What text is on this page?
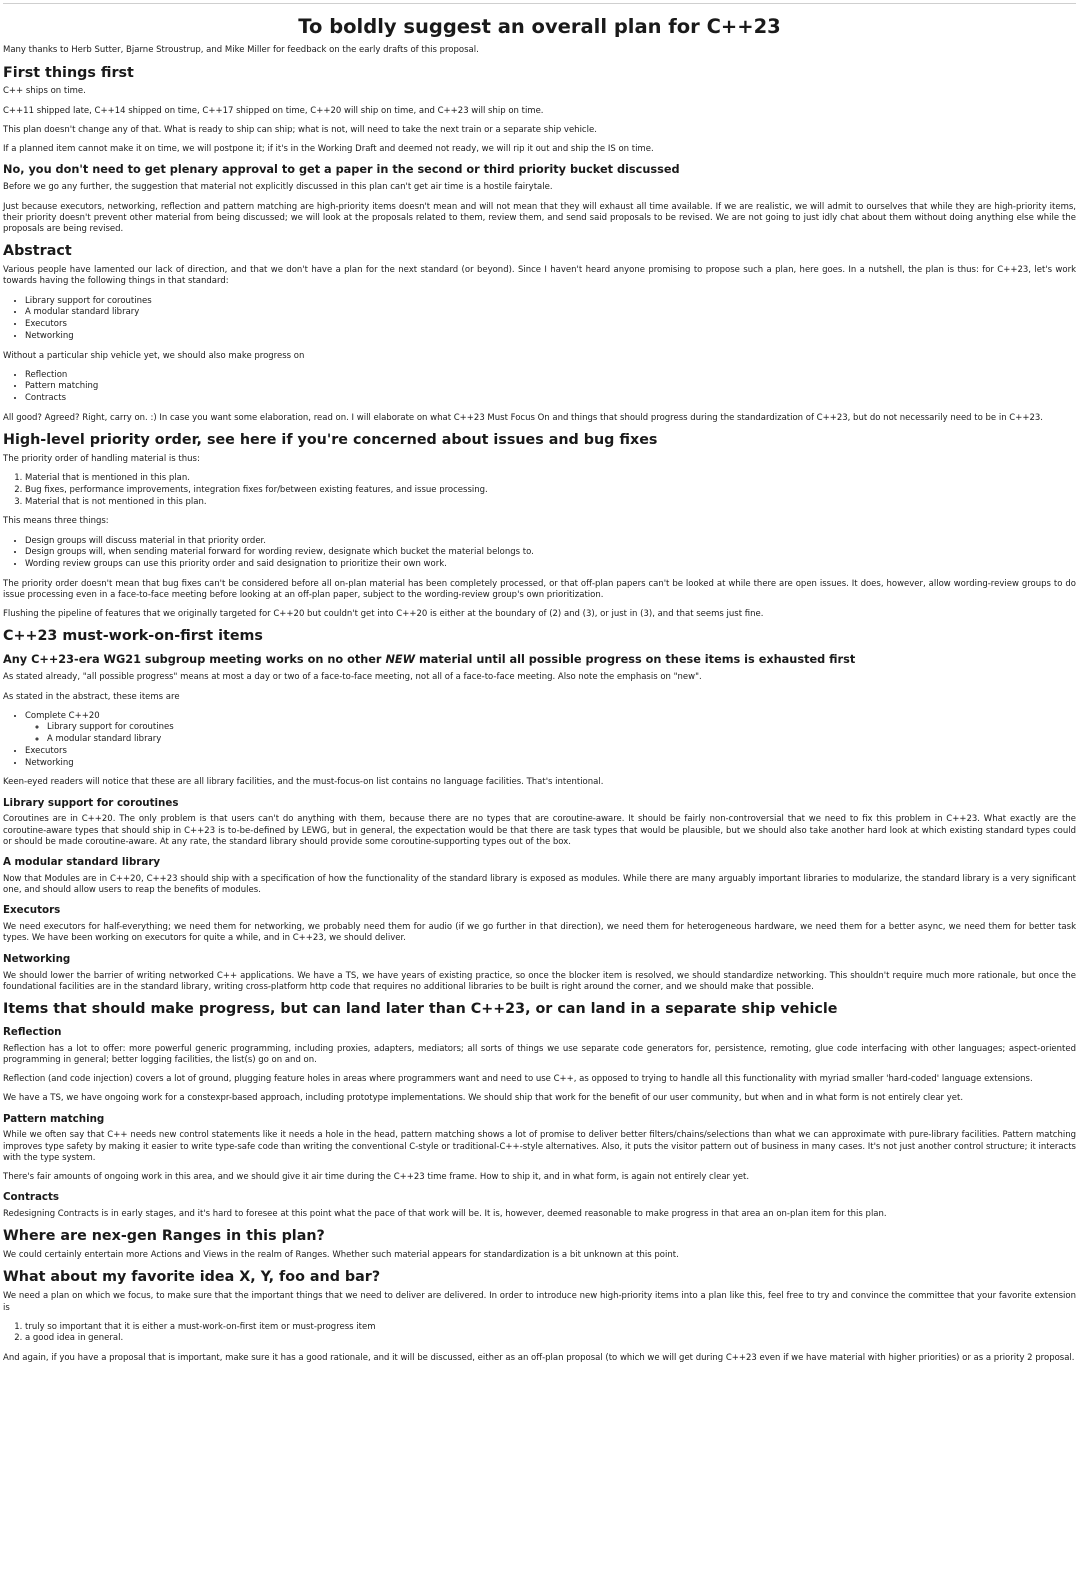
To boldly suggest an overall plan for C++23

Many thanks to Herb Sutter, Bjarne Stroustrup, and Mike Miller for feedback on the early drafts of this proposal.

First things first

C++ ships on time.

C++11 shipped late, C++14 shipped on time, C++17 shipped on time, C++20 will ship on time, and C++23 will ship on time.

This plan doesn't change any of that. What is ready to ship can ship; what is not, will need to take the next train or a separate ship vehicle.

If a planned item cannot make it on time, we will postpone it; if it's in the Working Draft and deemed not ready, we will rip it out and ship the IS on time.

No, you don't need to get plenary approval to get a paper in the second or third priority bucket discussed

Before we go any further, the suggestion that material not explicitly discussed in this plan can't get air time is a hostile fairytale.

Just because executors, networking, reflection and pattern matching are high-priority items doesn't mean and will not mean that they will exhaust all time available. If we are realistic, we will admit to ourselves that while they are high-priority items, their priority doesn't prevent other material from being discussed; we will look at the proposals related to them, review them, and send said proposals to be revised. We are not going to just idly chat about them without doing anything else while the proposals are being revised.

Abstract

Various people have lamented our lack of direction, and that we don't have a plan for the next standard (or beyond). Since I haven't heard anyone promising to propose such a plan, here goes. In a nutshell, the plan is thus: for C++23, let's work towards having the following things in that standard:

• Library support for coroutines
• A modular standard library
• Executors
• Networking

Without a particular ship vehicle yet, we should also make progress on

• Reflection
• Pattern matching
• Contracts

All good? Agreed? Right, carry on. :) In case you want some elaboration, read on. I will elaborate on what C++23 Must Focus On and things that should progress during the standardization of C++23, but do not necessarily need to be in C++23.

High-level priority order, see here if you're concerned about issues and bug fixes

The priority order of handling material is thus:

1. Material that is mentioned in this plan.
2. Bug fixes, performance improvements, integration fixes for/between existing features, and issue processing.
3. Material that is not mentioned in this plan.

This means three things:

• Design groups will discuss material in that priority order.
• Design groups will, when sending material forward for wording review, designate which bucket the material belongs to.
• Wording review groups can use this priority order and said designation to prioritize their own work.

The priority order doesn't mean that bug fixes can't be considered before all on-plan material has been completely processed, or that off-plan papers can't be looked at while there are open issues. It does, however, allow wording-review groups to do issue processing even in a face-to-face meeting before looking at an off-plan paper, subject to the wording-review group's own prioritization.

Flushing the pipeline of features that we originally targeted for C++20 but couldn't get into C++20 is either at the boundary of (2) and (3), or just in (3), and that seems just fine.

C++23 must-work-on-first items
Any C++23-era WG21 subgroup meeting works on no other NEW material until all possible progress on these items is exhausted first

As stated already, "all possible progress" means at most a day or two of a face-to-face meeting, not all of a face-to-face meeting. Also note the emphasis on "new".

As stated in the abstract, these items are

• Complete C++20
◦ Library support for coroutines
◦ A modular standard library
• Executors
• Networking

Keen-eyed readers will notice that these are all library facilities, and the must-focus-on list contains no language facilities. That's intentional.

Library support for coroutines

Coroutines are in C++20. The only problem is that users can't do anything with them, because there are no types that are coroutine-aware. It should be fairly non-controversial that we need to fix this problem in C++23. What exactly are the coroutine-aware types that should ship in C++23 is to-be-defined by LEWG, but in general, the expectation would be that there are task types that would be plausible, but we should also take another hard look at which existing standard types could or should be made coroutine-aware. At any rate, the standard library should provide some coroutine-supporting types out of the box.

A modular standard library

Now that Modules are in C++20, C++23 should ship with a specification of how the functionality of the standard library is exposed as modules. While there are many arguably important libraries to modularize, the standard library is a very significant one, and should allow users to reap the benefits of modules.

Executors

We need executors for half-everything; we need them for networking, we probably need them for audio (if we go further in that direction), we need them for heterogeneous hardware, we need them for a better async, we need them for better task types. We have been working on executors for quite a while, and in C++23, we should deliver.

Networking

We should lower the barrier of writing networked C++ applications. We have a TS, we have years of existing practice, so once the blocker item is resolved, we should standardize networking. This shouldn't require much more rationale, but once the foundational facilities are in the standard library, writing cross-platform http code that requires no additional libraries to be built is right around the corner, and we should make that possible.

Items that should make progress, but can land later than C++23, or can land in a separate ship vehicle
Reflection

Reflection has a lot to offer: more powerful generic programming, including proxies, adapters, mediators; all sorts of things we use separate code generators for, persistence, remoting, glue code interfacing with other languages; aspect-oriented programming in general; better logging facilities, the list(s) go on and on.

Reflection (and code injection) covers a lot of ground, plugging feature holes in areas where programmers want and need to use C++, as opposed to trying to handle all this functionality with myriad smaller 'hard-coded' language extensions.

We have a TS, we have ongoing work for a constexpr-based approach, including prototype implementations. We should ship that work for the benefit of our user community, but when and in what form is not entirely clear yet.

Pattern matching

While we often say that C++ needs new control statements like it needs a hole in the head, pattern matching shows a lot of promise to deliver better filters/chains/selections than what we can approximate with pure-library facilities. Pattern matching improves type safety by making it easier to write type-safe code than writing the conventional C-style or traditional-C++-style alternatives. Also, it puts the visitor pattern out of business in many cases. It's not just another control structure; it interacts with the type system.

There's fair amounts of ongoing work in this area, and we should give it air time during the C++23 time frame. How to ship it, and in what form, is again not entirely clear yet.

Contracts

Redesigning Contracts is in early stages, and it's hard to foresee at this point what the pace of that work will be. It is, however, deemed reasonable to make progress in that area an on-plan item for this plan.

Where are nex-gen Ranges in this plan?

We could certainly entertain more Actions and Views in the realm of Ranges. Whether such material appears for standardization is a bit unknown at this point.

What about my favorite idea X, Y, foo and bar?

We need a plan on which we focus, to make sure that the important things that we need to deliver are delivered. In order to introduce new high-priority items into a plan like this, feel free to try and convince the committee that your favorite extension is

1. truly so important that it is either a must-work-on-first item or must-progress item
2. a good idea in general.

And again, if you have a proposal that is important, make sure it has a good rationale, and it will be discussed, either as an off-plan proposal (to which we will get during C++23 even if we have material with higher priorities) or as a priority 2 proposal.
